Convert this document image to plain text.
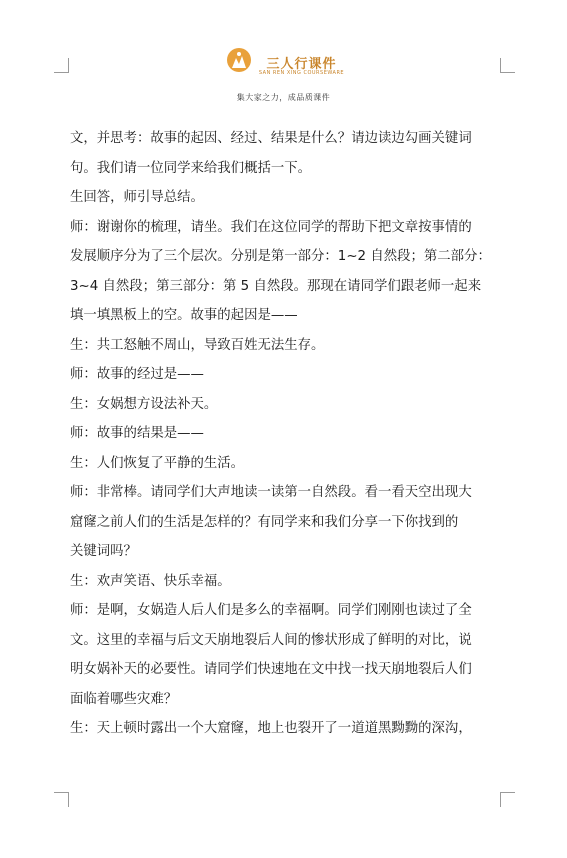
三人行课件
SAN REN XING COURSEWARE
集大家之力，成品质课件

文，并思考：故事的起因、经过、结果是什么？请边读边勾画关键词

句。我们请一位同学来给我们概括一下。

生回答，师引导总结。

师：谢谢你的梳理，请坐。我们在这位同学的帮助下把文章按事情的

发展顺序分为了三个层次。分别是第一部分：1~2 自然段；第二部分：

3~4 自然段；第三部分：第 5 自然段。那现在请同学们跟老师一起来

填一填黑板上的空。故事的起因是——

生：共工怒触不周山，导致百姓无法生存。

师：故事的经过是——

生：女娲想方设法补天。

师：故事的结果是——

生：人们恢复了平静的生活。

师：非常棒。请同学们大声地读一读第一自然段。看一看天空出现大

窟窿之前人们的生活是怎样的？有同学来和我们分享一下你找到的

关键词吗？

生：欢声笑语、快乐幸福。

师：是啊，女娲造人后人们是多么的幸福啊。同学们刚刚也读过了全

文。这里的幸福与后文天崩地裂后人间的惨状形成了鲜明的对比，说

明女娲补天的必要性。请同学们快速地在文中找一找天崩地裂后人们

面临着哪些灾难？

生：天上顿时露出一个大窟窿，地上也裂开了一道道黑黝黝的深沟，
